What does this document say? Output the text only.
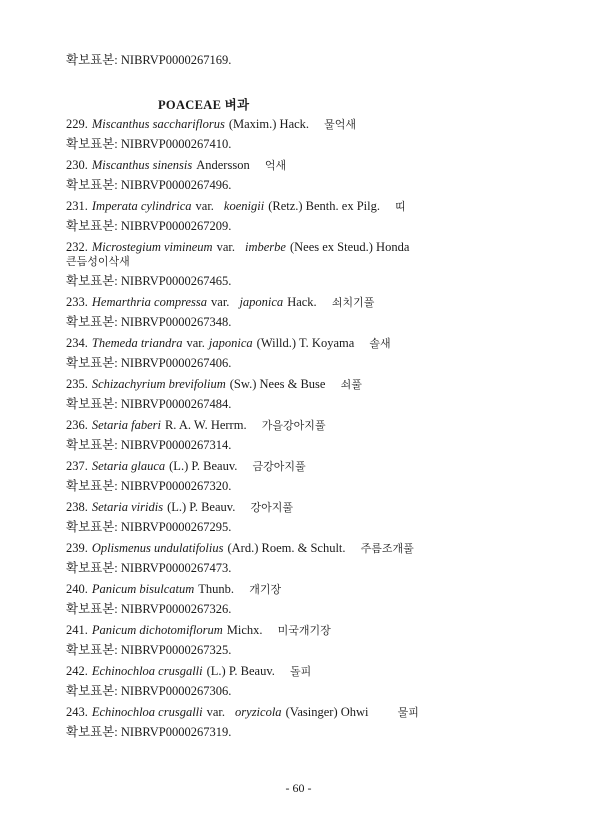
확보표본: NIBRVP0000267169.
POACEAE 벼과
229. Miscanthus sacchariflorus (Maxim.) Hack. 물억새
확보표본: NIBRVP0000267410.
230. Miscanthus sinensis Andersson 억새
확보표본: NIBRVP0000267496.
231. Imperata cylindrica var. koenigii (Retz.) Benth. ex Pilg. 띠
확보표본: NIBRVP0000267209.
232. Microstegium vimineum var. imberbe (Nees ex Steud.) Honda
큰듬성이삭새
확보표본: NIBRVP0000267465.
233. Hemarthria compressa var. japonica Hack. 쇠치기풀
확보표본: NIBRVP0000267348.
234. Themeda triandra var. japonica (Willd.) T. Koyama 솔새
확보표본: NIBRVP0000267406.
235. Schizachyrium brevifolium (Sw.) Nees & Buse 쇠풀
확보표본: NIBRVP0000267484.
236. Setaria faberi R. A. W. Herrm. 가을강아지풀
확보표본: NIBRVP0000267314.
237. Setaria glauca (L.) P. Beauv. 금강아지풀
확보표본: NIBRVP0000267320.
238. Setaria viridis (L.) P. Beauv. 강아지풀
확보표본: NIBRVP0000267295.
239. Oplismenus undulatifolius (Ard.) Roem. & Schult. 주름조개풀
확보표본: NIBRVP0000267473.
240. Panicum bisulcatum Thunb. 개기장
확보표본: NIBRVP0000267326.
241. Panicum dichotomiflorum Michx. 미국개기장
확보표본: NIBRVP0000267325.
242. Echinochloa crusgalli (L.) P. Beauv. 돌피
확보표본: NIBRVP0000267306.
243. Echinochloa crusgalli var. oryzicola (Vasinger) Ohwi	물피
확보표본: NIBRVP0000267319.
- 60 -
